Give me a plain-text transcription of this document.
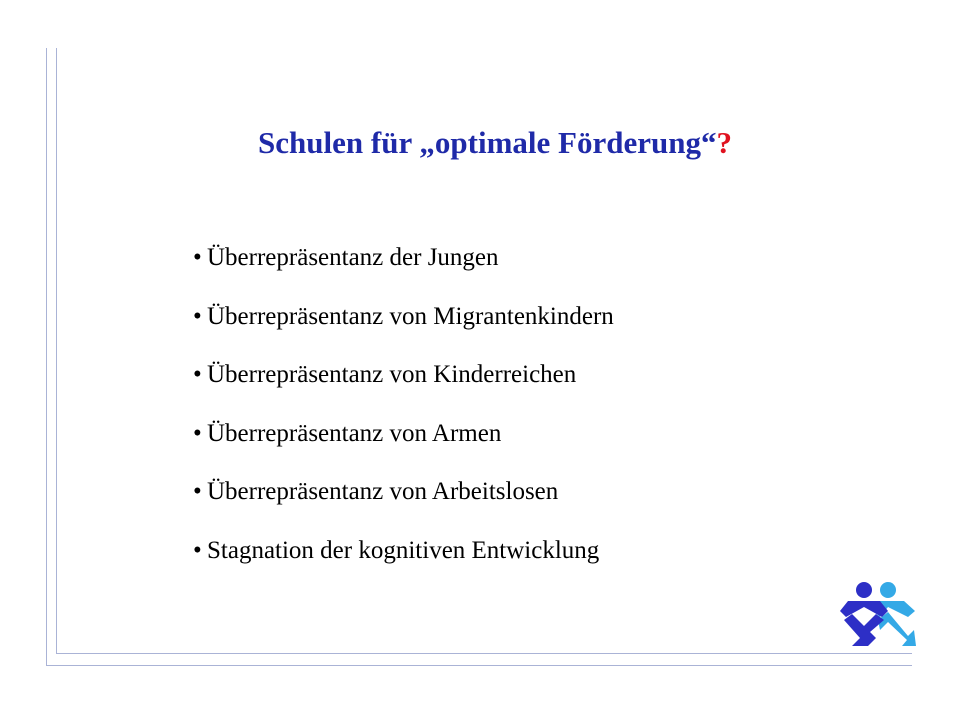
Schulen für „optimale Förderung“?
• Überrepräsentanz der Jungen
• Überrepräsentanz von Migrantenkindern
• Überrepräsentanz von Kinderreichen
• Überrepräsentanz von Armen
• Überrepräsentanz von Arbeitslosen
• Stagnation der kognitiven Entwicklung
